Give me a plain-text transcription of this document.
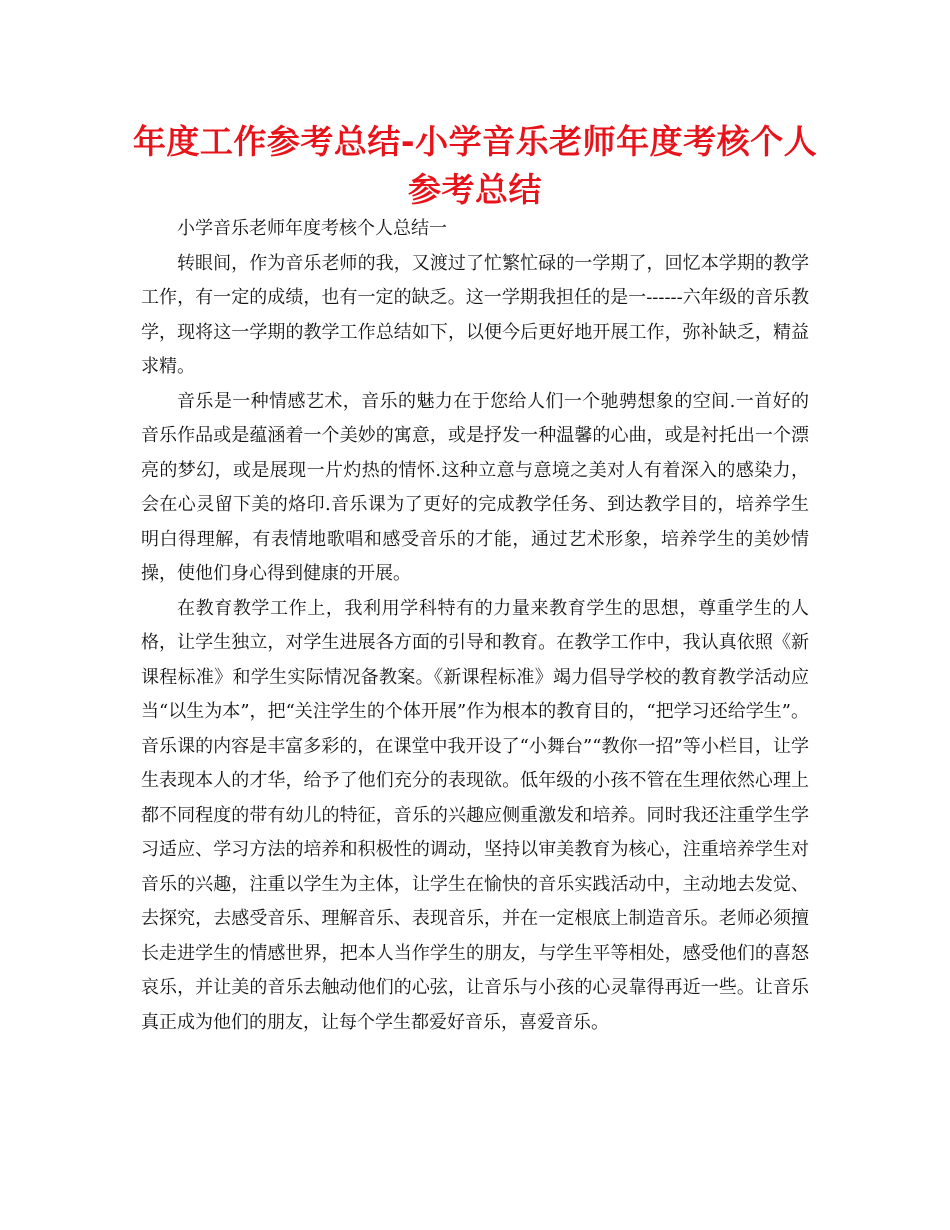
年度工作参考总结-小学音乐老师年度考核个人参考总结

小学音乐老师年度考核个人总结一

转眼间，作为音乐老师的我，又渡过了忙繁忙碌的一学期了，回忆本学期的教学工作，有一定的成绩，也有一定的缺乏。这一学期我担任的是一------六年级的音乐教学，现将这一学期的教学工作总结如下，以便今后更好地开展工作，弥补缺乏，精益求精。

音乐是一种情感艺术，音乐的魅力在于您给人们一个驰骋想象的空间.一首好的音乐作品或是蕴涵着一个美妙的寓意，或是抒发一种温馨的心曲，或是衬托出一个漂亮的梦幻，或是展现一片灼热的情怀.这种立意与意境之美对人有着深入的感染力，会在心灵留下美的烙印.音乐课为了更好的完成教学任务、到达教学目的，培养学生明白得理解，有表情地歌唱和感受音乐的才能，通过艺术形象，培养学生的美妙情操，使他们身心得到健康的开展。

在教育教学工作上，我利用学科特有的力量来教育学生的思想，尊重学生的人格，让学生独立，对学生进展各方面的引导和教育。在教学工作中，我认真依照《新课程标准》和学生实际情况备教案。《新课程标准》竭力倡导学校的教育教学活动应当“以生为本”，把“关注学生的个体开展”作为根本的教育目的，“把学习还给学生”。音乐课的内容是丰富多彩的，在课堂中我开设了“小舞台”“教你一招”等小栏目，让学生表现本人的才华，给予了他们充分的表现欲。低年级的小孩不管在生理依然心理上都不同程度的带有幼儿的特征，音乐的兴趣应侧重激发和培养。同时我还注重学生学习适应、学习方法的培养和积极性的调动，坚持以审美教育为核心，注重培养学生对音乐的兴趣，注重以学生为主体，让学生在愉快的音乐实践活动中，主动地去发觉、去探究，去感受音乐、理解音乐、表现音乐，并在一定根底上制造音乐。老师必须擅长走进学生的情感世界，把本人当作学生的朋友，与学生平等相处，感受他们的喜怒哀乐，并让美的音乐去触动他们的心弦，让音乐与小孩的心灵靠得再近一些。让音乐真正成为他们的朋友，让每个学生都爱好音乐，喜爱音乐。
